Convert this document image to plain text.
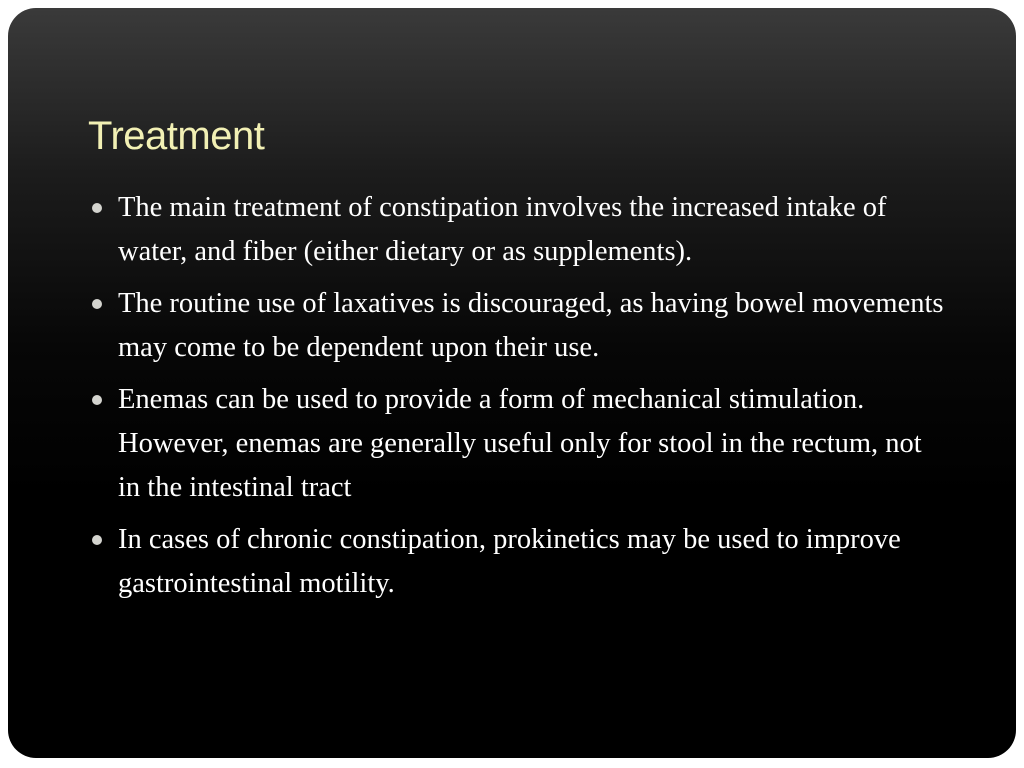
Treatment
The main treatment of constipation involves the increased intake of water, and fiber (either dietary or as supplements).
The routine use of laxatives is discouraged, as having bowel movements may come to be dependent upon their use.
Enemas can be used to provide a form of mechanical stimulation. However, enemas are generally useful only for stool in the rectum, not in the intestinal tract
In cases of chronic constipation, prokinetics may be used to improve gastrointestinal motility.
